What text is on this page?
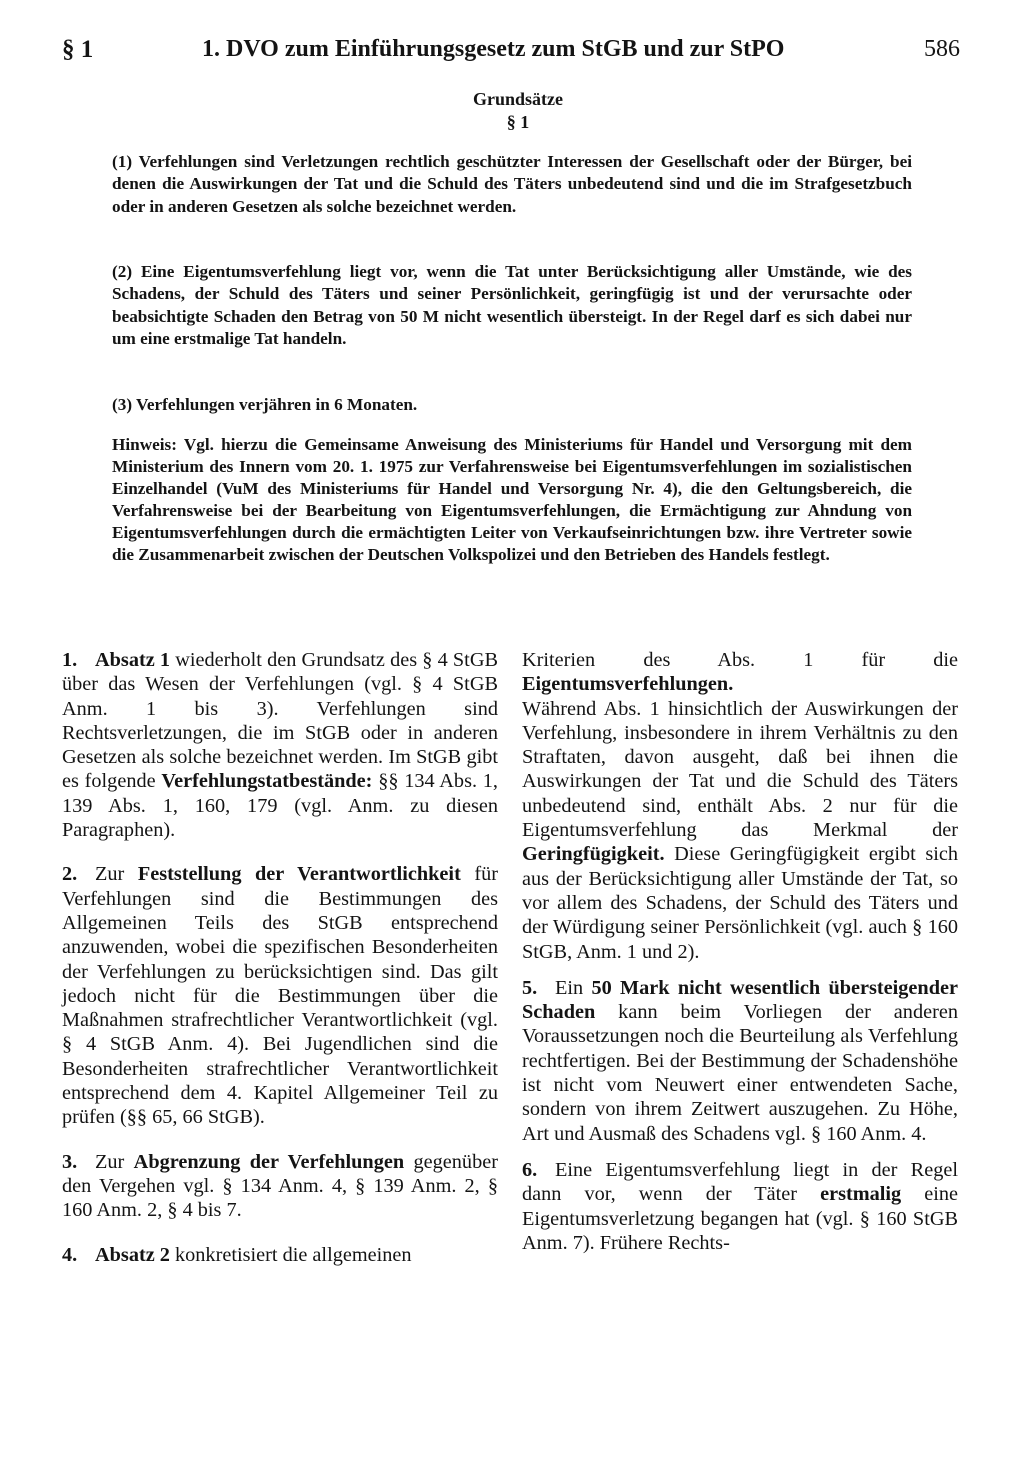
§ 1	1. DVO zum Einführungsgesetz zum StGB und zur StPO	586
Grundsätze
§ 1

(1) Verfehlungen sind Verletzungen rechtlich geschützter Interessen der Gesellschaft oder der Bürger, bei denen die Auswirkungen der Tat und die Schuld des Täters unbedeutend sind und die im Strafgesetzbuch oder in anderen Gesetzen als solche bezeichnet werden.

(2) Eine Eigentumsverfehlung liegt vor, wenn die Tat unter Berücksichtigung aller Umstände, wie des Schadens, der Schuld des Täters und seiner Persönlichkeit, geringfügig ist und der verursachte oder beabsichtigte Schaden den Betrag von 50 M nicht wesentlich übersteigt. In der Regel darf es sich dabei nur um eine erstmalige Tat handeln.

(3) Verfehlungen verjähren in 6 Monaten.

Hinweis: Vgl. hierzu die Gemeinsame Anweisung des Ministeriums für Handel und Versorgung mit dem Ministerium des Innern vom 20. 1. 1975 zur Verfahrensweise bei Eigentumsverfehlungen im sozialistischen Einzelhandel (VuM des Ministeriums für Handel und Versorgung Nr. 4), die den Geltungsbereich, die Verfahrensweise bei der Bearbeitung von Eigentumsverfehlungen, die Ermächtigung zur Ahndung von Eigentumsverfehlungen durch die ermächtigten Leiter von Verkaufseinrichtungen bzw. ihre Vertreter sowie die Zusammenarbeit zwischen der Deutschen Volkspolizei und den Betrieben des Handels festlegt.

1. Absatz 1 wiederholt den Grundsatz des § 4 StGB über das Wesen der Verfehlungen (vgl. § 4 StGB Anm. 1 bis 3). Verfehlungen sind Rechtsverletzungen, die im StGB oder in anderen Gesetzen als solche bezeichnet werden. Im StGB gibt es folgende Verfehlungstatbestände: §§ 134 Abs. 1, 139 Abs. 1, 160, 179 (vgl. Anm. zu diesen Paragraphen).

2. Zur Feststellung der Verantwortlichkeit für Verfehlungen sind die Bestimmungen des Allgemeinen Teils des StGB entsprechend anzuwenden, wobei die spezifischen Besonderheiten der Verfehlungen zu berücksichtigen sind. Das gilt jedoch nicht für die Bestimmungen über die Maßnahmen strafrechtlicher Verantwortlichkeit (vgl. § 4 StGB Anm. 4). Bei Jugendlichen sind die Besonderheiten strafrechtlicher Verantwortlichkeit entsprechend dem 4. Kapitel Allgemeiner Teil zu prüfen (§§ 65, 66 StGB).

3. Zur Abgrenzung der Verfehlungen gegenüber den Vergehen vgl. § 134 Anm. 4, § 139 Anm. 2, § 160 Anm. 2, § 4 bis 7.

4. Absatz 2 konkretisiert die allgemeinen

Kriterien des Abs. 1 für die Eigentumsverfehlungen.
Während Abs. 1 hinsichtlich der Auswirkungen der Verfehlung, insbesondere in ihrem Verhältnis zu den Straftaten, davon ausgeht, daß bei ihnen die Auswirkungen der Tat und die Schuld des Täters unbedeutend sind, enthält Abs. 2 nur für die Eigentumsverfehlung das Merkmal der Geringfügigkeit. Diese Geringfügigkeit ergibt sich aus der Berücksichtigung aller Umstände der Tat, so vor allem des Schadens, der Schuld des Täters und der Würdigung seiner Persönlichkeit (vgl. auch § 160 StGB, Anm. 1 und 2).

5. Ein 50 Mark nicht wesentlich übersteigender Schaden kann beim Vorliegen der anderen Voraussetzungen noch die Beurteilung als Verfehlung rechtfertigen. Bei der Bestimmung der Schadenshöhe ist nicht vom Neuwert einer entwendeten Sache, sondern von ihrem Zeitwert auszugehen. Zu Höhe, Art und Ausmaß des Schadens vgl. § 160 Anm. 4.

6. Eine Eigentumsverfehlung liegt in der Regel dann vor, wenn der Täter erstmalig eine Eigentumsverletzung begangen hat (vgl. § 160 StGB Anm. 7). Frühere Rechts-
